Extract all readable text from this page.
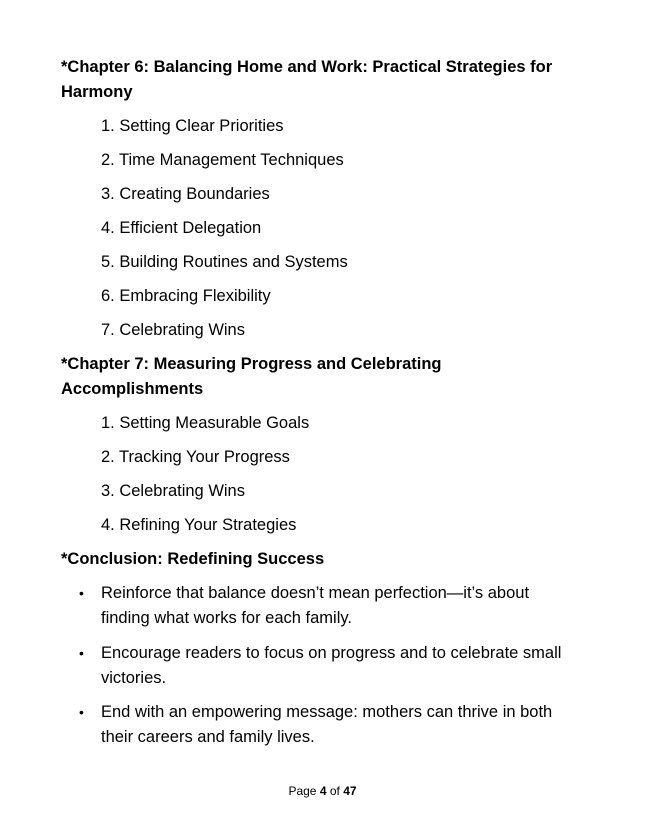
*Chapter 6: Balancing Home and Work: Practical Strategies for Harmony
1. Setting Clear Priorities
2. Time Management Techniques
3. Creating Boundaries
4. Efficient Delegation
5. Building Routines and Systems
6. Embracing Flexibility
7. Celebrating Wins
*Chapter 7: Measuring Progress and Celebrating Accomplishments
1. Setting Measurable Goals
2. Tracking Your Progress
3. Celebrating Wins
4. Refining Your Strategies
*Conclusion: Redefining Success
• Reinforce that balance doesn’t mean perfection—it’s about finding what works for each family.
• Encourage readers to focus on progress and to celebrate small victories.
• End with an empowering message: mothers can thrive in both their careers and family lives.
Page 4 of 47
